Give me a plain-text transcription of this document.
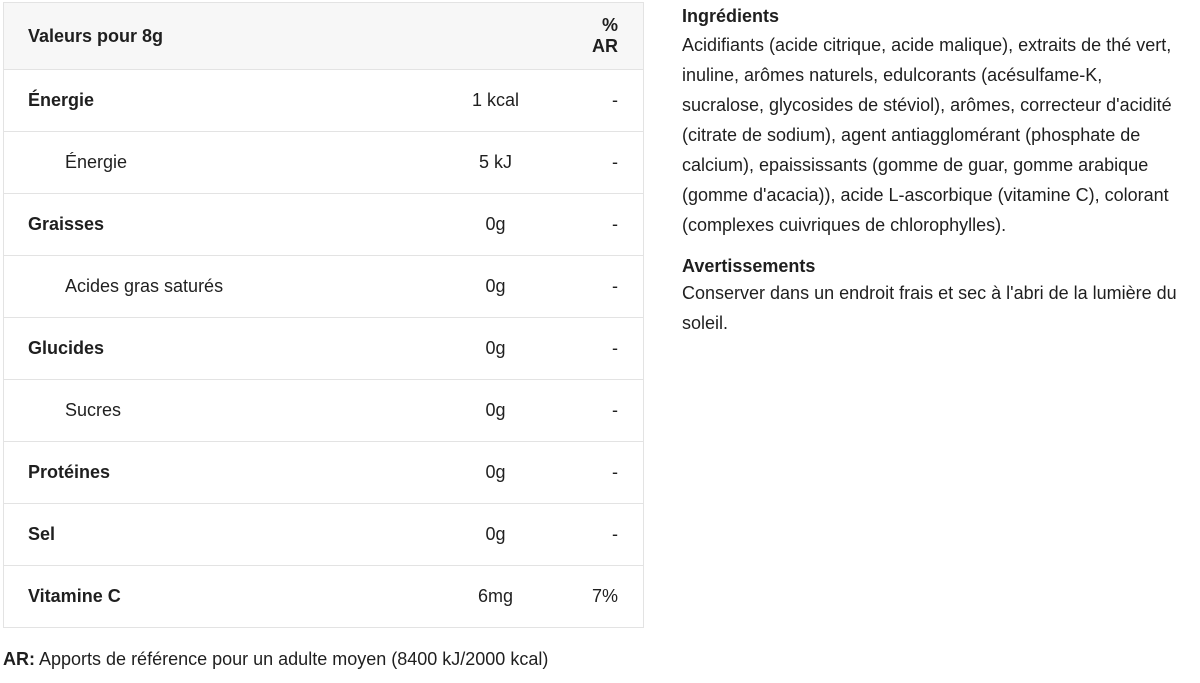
Valeurs pour 8g		% AR
Énergie	1 kcal	-
Énergie	5 kJ	-
Graisses	0g	-
Acides gras saturés	0g	-
Glucides	0g	-
Sucres	0g	-
Protéines	0g	-
Sel	0g	-
Vitamine C	6mg	7%
AR: Apports de référence pour un adulte moyen (8400 kJ/2000 kcal)
Ingrédients

Acidifiants (acide citrique, acide malique), extraits de thé vert, inuline, arômes naturels, edulcorants (acésulfame-K, sucralose, glycosides de stéviol), arômes, correcteur d'acidité (citrate de sodium), agent antiagglomérant (phosphate de calcium), epaississants (gomme de guar, gomme arabique (gomme d'acacia)), acide L-ascorbique (vitamine C), colorant (complexes cuivriques de chlorophylles).

Avertissements

Conserver dans un endroit frais et sec à l'abri de la lumière du soleil.
